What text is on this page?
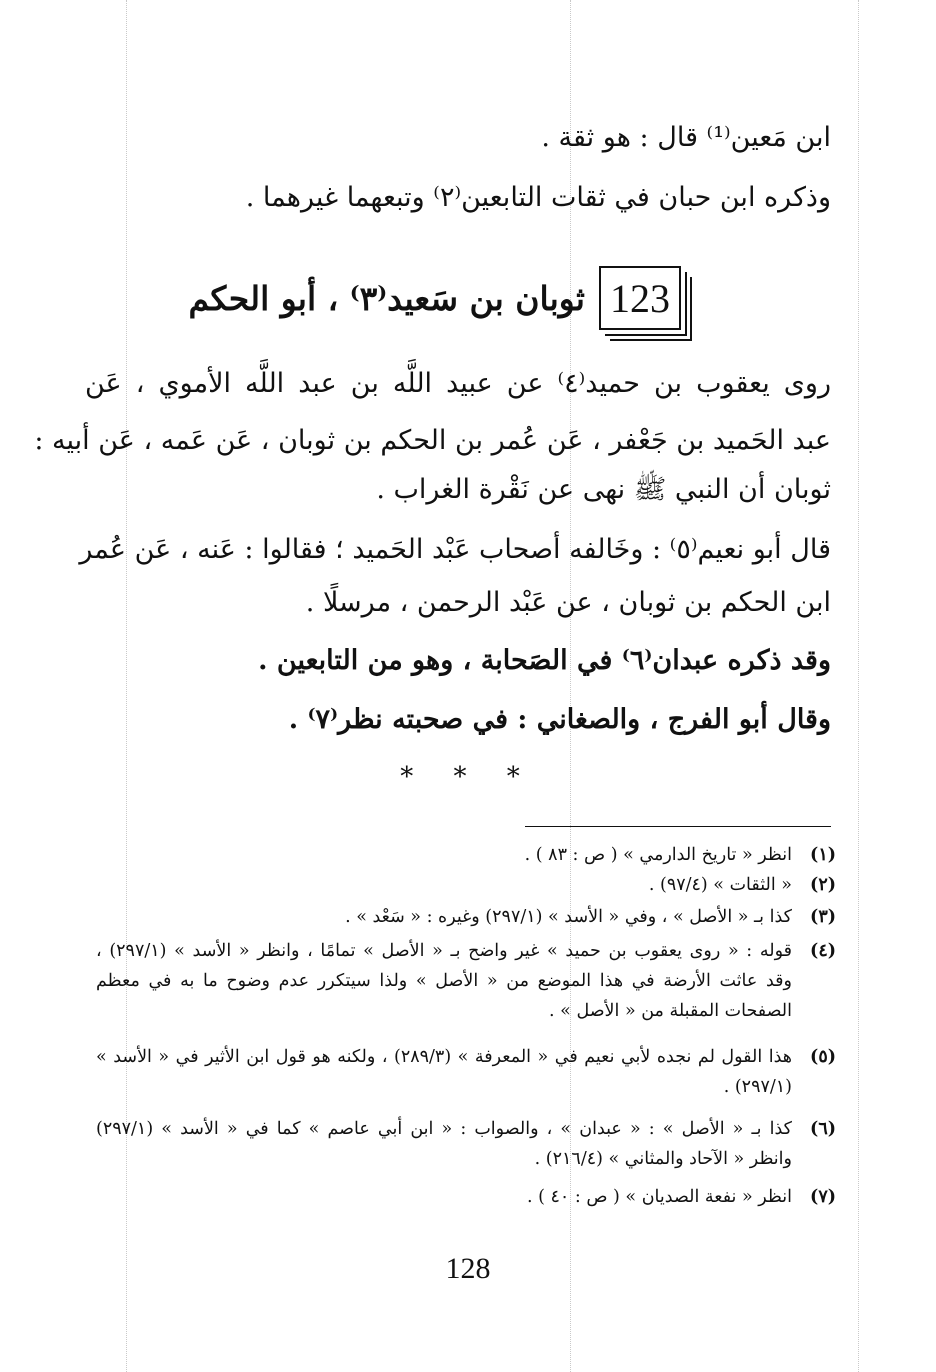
ابن مَعين⁽¹⁾ قال : هو ثقة .
وذكره ابن حبان في ثقات التابعين⁽٢⁾ وتبعهما غيرهما .
123
ثوبان بن سَعيد⁽٣⁾ ، أبو الحكم
روى يعقوب بن حميد⁽٤⁾ عن عبيد اللَّه بن عبد اللَّه الأموي ، عَن
عبد الحَميد بن جَعْفر ، عَن عُمر بن الحكم بن ثوبان ، عَن عَمه ، عَن أبيه :
ثوبان أن النبي ﷺ نهى عن نَقْرة الغراب .
قال أبو نعيم⁽٥⁾ : وخَالفه أصحاب عَبْد الحَميد ؛ فقالوا : عَنه ، عَن عُمر
ابن الحكم بن ثوبان ، عن عَبْد الرحمن ، مرسلًا .
وقد ذكره عبدان⁽٦⁾ في الصَحابة ، وهو من التابعين .
وقال أبو الفرج ، والصغاني : في صحبته نظر⁽٧⁾ .
* * *
(١)
انظر « تاريخ الدارمي » ( ص : ٨٣ ) .
(٢)
« الثقات » (٩٧/٤) .
(٣)
كذا بـ « الأصل » ، وفي « الأسد » (٢٩٧/١) وغيره : « سَعْد » .
(٤)
قوله : « روى يعقوب بن حميد » غير واضح بـ « الأصل » تمامًا ، وانظر « الأسد » (٢٩٧/١) ،
وقد عاثت الأرضة في هذا الموضع من « الأصل » ولذا سيتكرر عدم وضوح ما به في معظم
الصفحات المقبلة من « الأصل » .
(٥)
هذا القول لم نجده لأبي نعيم في « المعرفة » (٢٨٩/٣) ، ولكنه هو قول ابن الأثير في « الأسد »
(٢٩٧/١) .
(٦)
كذا بـ « الأصل » : « عبدان » ، والصواب : « ابن أبي عاصم » كما في « الأسد » (٢٩٧/١)
وانظر « الآحاد والمثاني » (٢١٦/٤) .
(٧)
انظر « نفعة الصديان » ( ص : ٤٠ ) .
128
